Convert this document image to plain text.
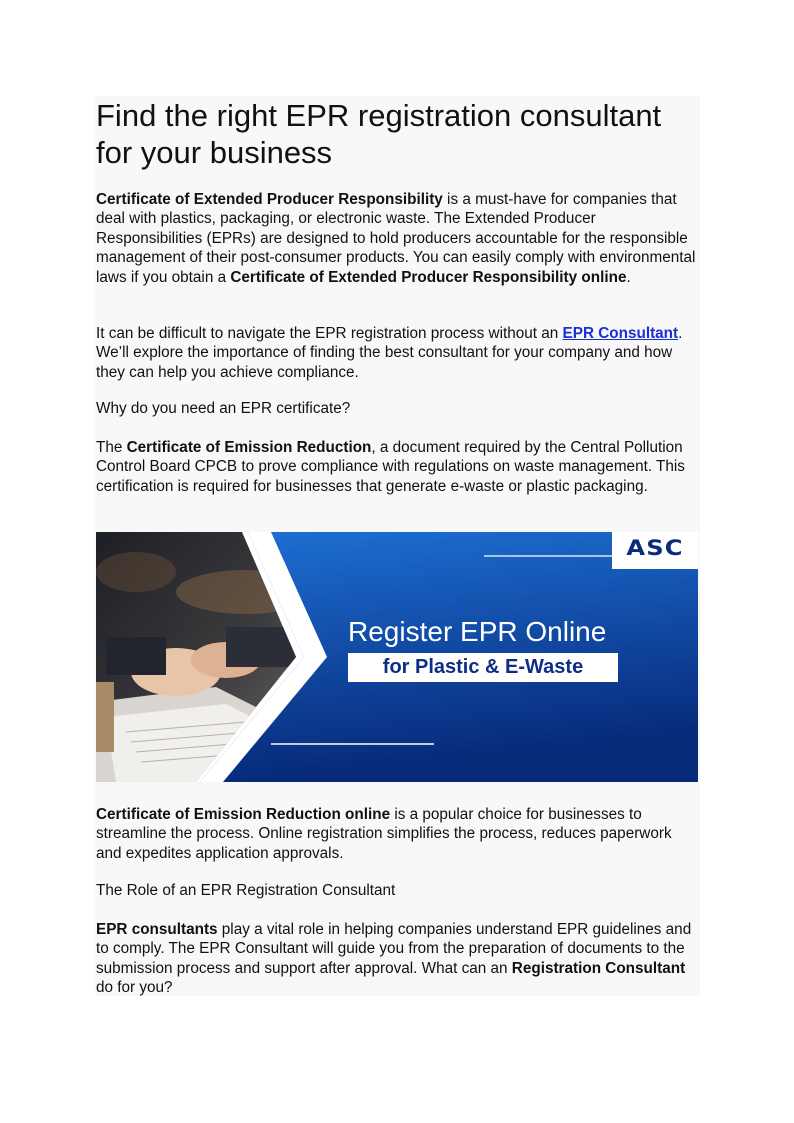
Find the right EPR registration consultant for your business

Certificate of Extended Producer Responsibility is a must-have for companies that deal with plastics, packaging, or electronic waste. The Extended Producer Responsibilities (EPRs) are designed to hold producers accountable for the responsible management of their post-consumer products. You can easily comply with environmental laws if you obtain a Certificate of Extended Producer Responsibility online.

It can be difficult to navigate the EPR registration process without an EPR Consultant. We’ll explore the importance of finding the best consultant for your company and how they can help you achieve compliance.

Why do you need an EPR certificate?

The Certificate of Emission Reduction, a document required by the Central Pollution Control Board CPCB to prove compliance with regulations on waste management. This certification is required for businesses that generate e-waste or plastic packaging.

ASC
Register EPR Online
for Plastic & E-Waste

Certificate of Emission Reduction online is a popular choice for businesses to streamline the process. Online registration simplifies the process, reduces paperwork and expedites application approvals.

The Role of an EPR Registration Consultant

EPR consultants play a vital role in helping companies understand EPR guidelines and to comply. The EPR Consultant will guide you from the preparation of documents to the submission process and support after approval. What can an Registration Consultant do for you?
